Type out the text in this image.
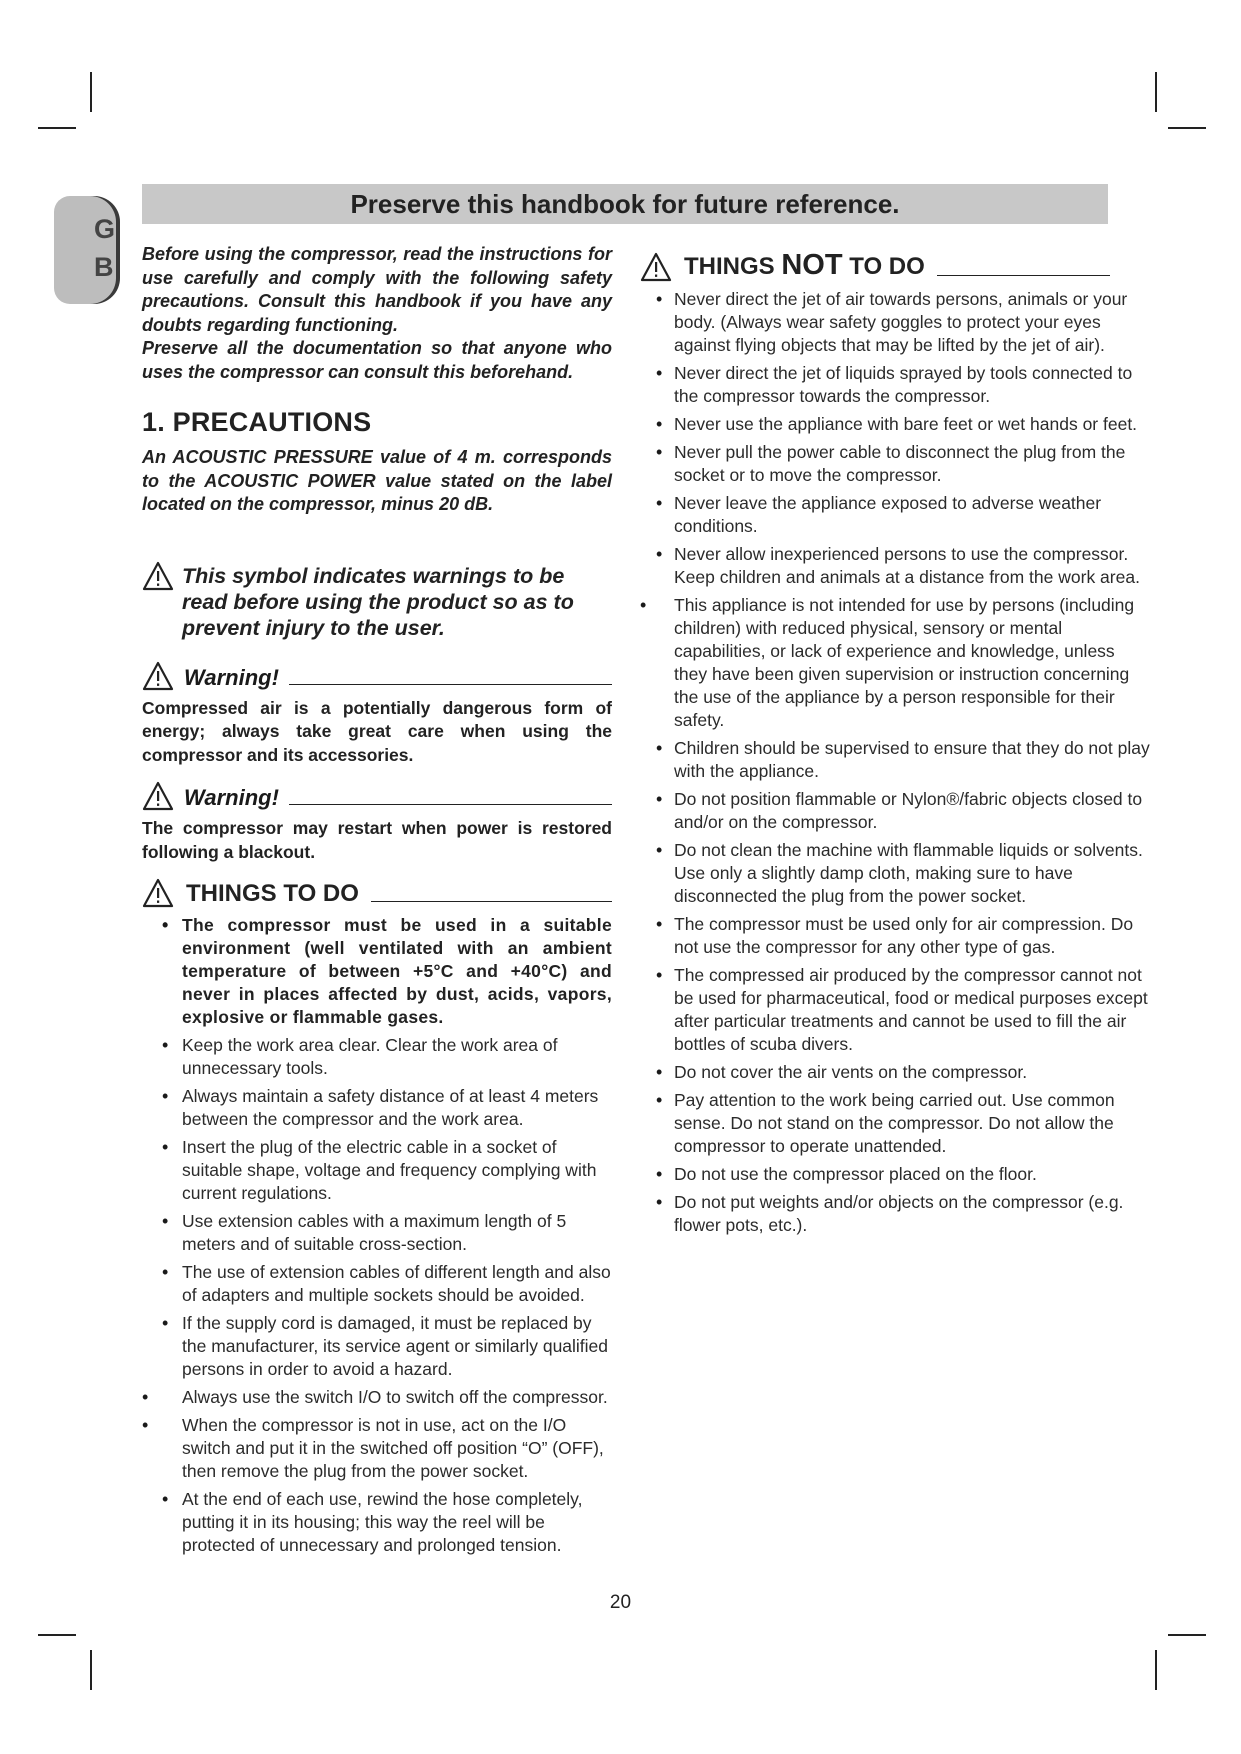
G
B
Preserve this handbook for future reference.

Before using the compressor, read the instructions for use carefully and comply with the following safety precautions. Consult this handbook if you have any doubts regarding functioning.

Preserve all the documentation so that anyone who uses the compressor can consult this beforehand.

1. PRECAUTIONS

An ACOUSTIC PRESSURE value of 4 m. corresponds to the ACOUSTIC POWER value stated on the label located on the compressor, minus 20 dB.

This symbol indicates warnings to be read before using the product so as to prevent injury to the user.

Warning!

Compressed air is a potentially dangerous form of energy; always take great care when using the compressor and its accessories.

Warning!

The compressor may restart when power is restored following a blackout.

THINGS TO DO
• The compressor must be used in a suitable environment (well ventilated with an ambient temperature of between +5°C and +40°C) and never in places affected by dust, acids, vapors, explosive or flammable gases.
• Keep the work area clear. Clear the work area of unnecessary tools.
• Always maintain a safety distance of at least 4 meters between the compressor and the work area.
• Insert the plug of the electric cable in a socket of suitable shape, voltage and frequency complying with current regulations.
• Use extension cables with a maximum length of 5 meters and of suitable cross-section.
• The use of extension cables of different length and also of adapters and multiple sockets should be avoided.
• If the supply cord is damaged, it must be replaced by the manufacturer, its service agent or similarly qualified persons in order to avoid a hazard.
• Always use the switch I/O to switch off the compressor.
• When the compressor is not in use, act on the I/O switch and put it in the switched off position “O” (OFF), then remove the plug from the power socket.
• At the end of each use, rewind the hose completely, putting it in its housing; this way the reel will be protected of unnecessary and prolonged tension.
THINGS NOT TO DO
• Never direct the jet of air towards persons, animals or your body. (Always wear safety goggles to protect your eyes against flying objects that may be lifted by the jet of air).
• Never direct the jet of liquids sprayed by tools connected to the compressor towards the compressor.
• Never use the appliance with bare feet or wet hands or feet.
• Never pull the power cable to disconnect the plug from the socket or to move the compressor.
• Never leave the appliance exposed to adverse weather conditions.
• Never allow inexperienced persons to use the compressor. Keep children and animals at a distance from the work area.
• This appliance is not intended for use by persons (including children) with reduced physical, sensory or mental capabilities, or lack of experience and knowledge, unless they have been given supervision or instruction concerning the use of the appliance by a person responsible for their safety.
• Children should be supervised to ensure that they do not play with the appliance.
• Do not position flammable or Nylon®/fabric objects closed to and/or on the compressor.
• Do not clean the machine with flammable liquids or solvents. Use only a slightly damp cloth, making sure to have disconnected the plug from the power socket.
• The compressor must be used only for air compression. Do not use the compressor for any other type of gas.
• The compressed air produced by the compressor cannot not be used for pharmaceutical, food or medical purposes except after particular treatments and cannot be used to fill the air bottles of scuba divers.
• Do not cover the air vents on the compressor.
• Pay attention to the work being carried out. Use common sense. Do not stand on the compressor. Do not allow the compressor to operate unattended.
• Do not use the compressor placed on the floor.
• Do not put weights and/or objects on the compressor (e.g. flower pots, etc.).
20
